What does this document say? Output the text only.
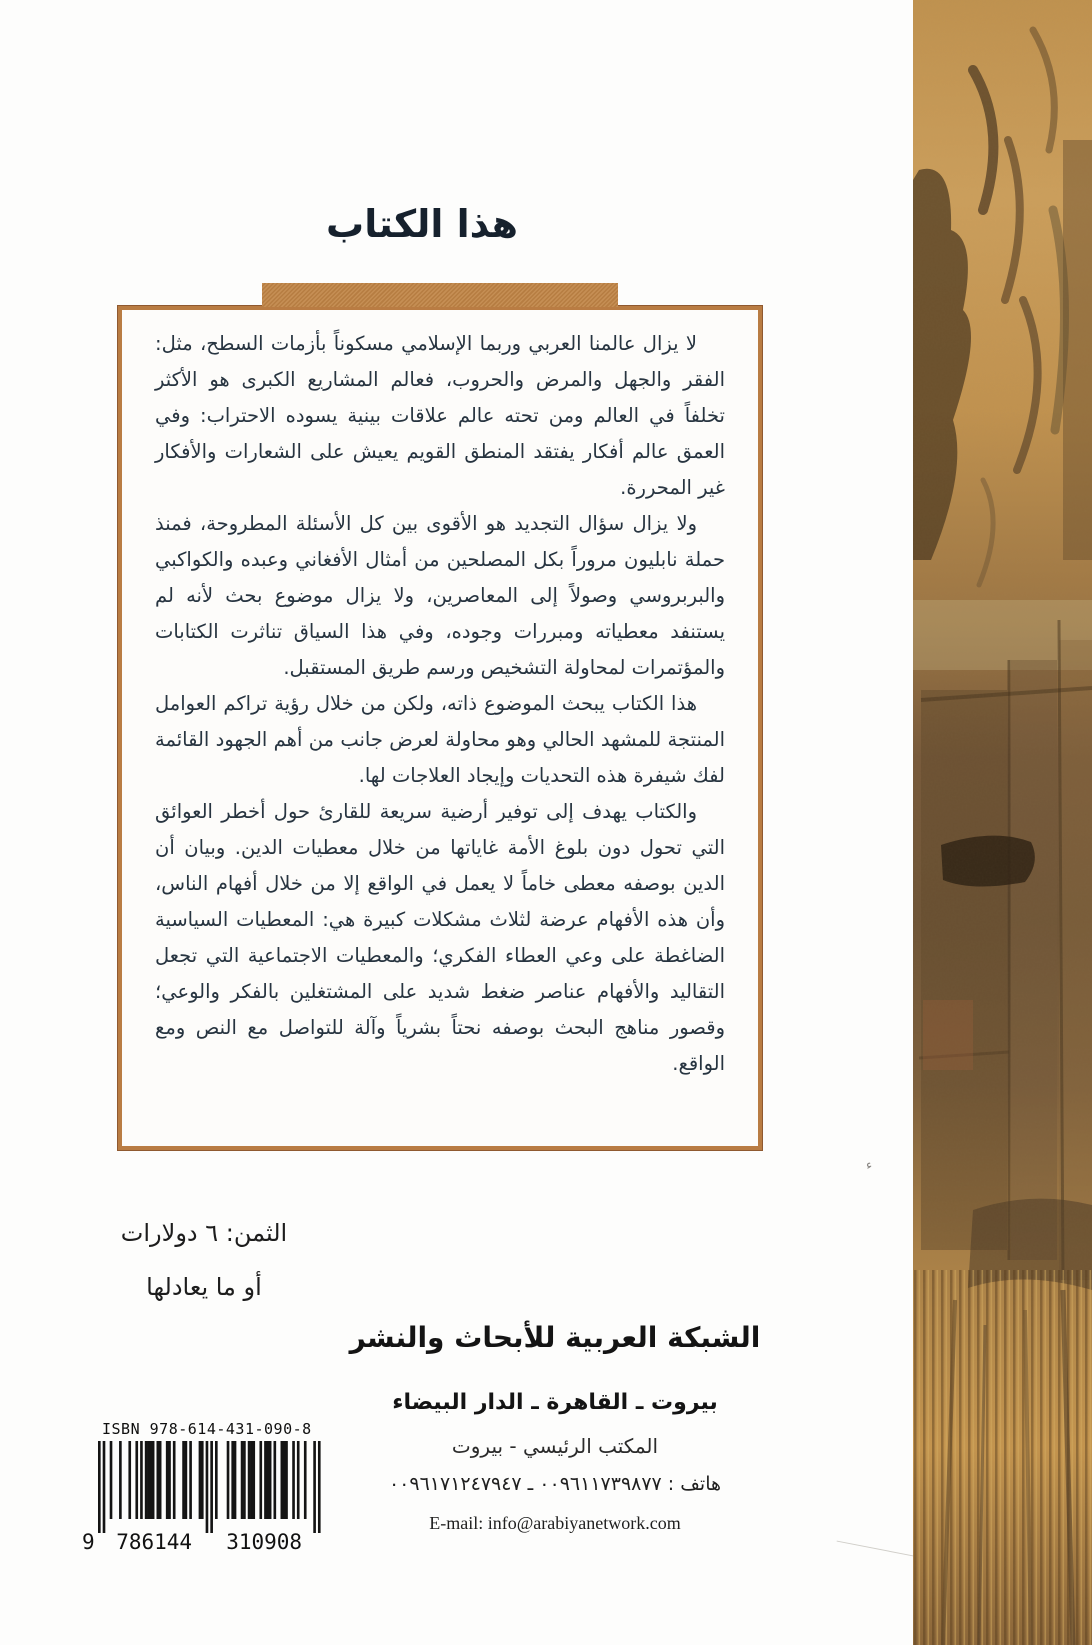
هذا الكتاب

لا يزال عالمنا العربي وربما الإسلامي مسكوناً بأزمات السطح، مثل: الفقر والجهل والمرض والحروب، فعالم المشاريع الكبرى هو الأكثر تخلفاً في العالم ومن تحته عالم علاقات بينية يسوده الاحتراب: وفي العمق عالم أفكار يفتقد المنطق القويم يعيش على الشعارات والأفكار غير المحررة.

ولا يزال سؤال التجديد هو الأقوى بين كل الأسئلة المطروحة، فمنذ حملة نابليون مروراً بكل المصلحين من أمثال الأفغاني وعبده والكواكبي والبربروسي وصولاً إلى المعاصرين، ولا يزال موضوع بحث لأنه لم يستنفد معطياته ومبررات وجوده، وفي هذا السياق تناثرت الكتابات والمؤتمرات لمحاولة التشخيص ورسم طريق المستقبل.

هذا الكتاب يبحث الموضوع ذاته، ولكن من خلال رؤية تراكم العوامل المنتجة للمشهد الحالي وهو محاولة لعرض جانب من أهم الجهود القائمة لفك شيفرة هذه التحديات وإيجاد العلاجات لها.

والكتاب يهدف إلى توفير أرضية سريعة للقارئ حول أخطر العوائق التي تحول دون بلوغ الأمة غاياتها من خلال معطيات الدين. وبيان أن الدين بوصفه معطى خاماً لا يعمل في الواقع إلا من خلال أفهام الناس، وأن هذه الأفهام عرضة لثلاث مشكلات كبيرة هي: المعطيات السياسية الضاغطة على وعي العطاء الفكري؛ والمعطيات الاجتماعية التي تجعل التقاليد والأفهام عناصر ضغط شديد على المشتغلين بالفكر والوعي؛ وقصور مناهج البحث بوصفه نحتاً بشرياً وآلة للتواصل مع النص ومع الواقع.

الثمن: ٦ دولارات
أو ما يعادلها
الشبكة العربية للأبحاث والنشر
بيروت ـ القاهرة ـ الدار البيضاء
المكتب الرئيسي - بيروت
هاتف : ٠٠٩٦١١٧٣٩٨٧٧ ـ ٠٠٩٦١٧١٢٤٧٩٤٧
E-mail: info@arabiyanetwork.com
ISBN 978-614-431-090-8
9 786144 310908
ء
